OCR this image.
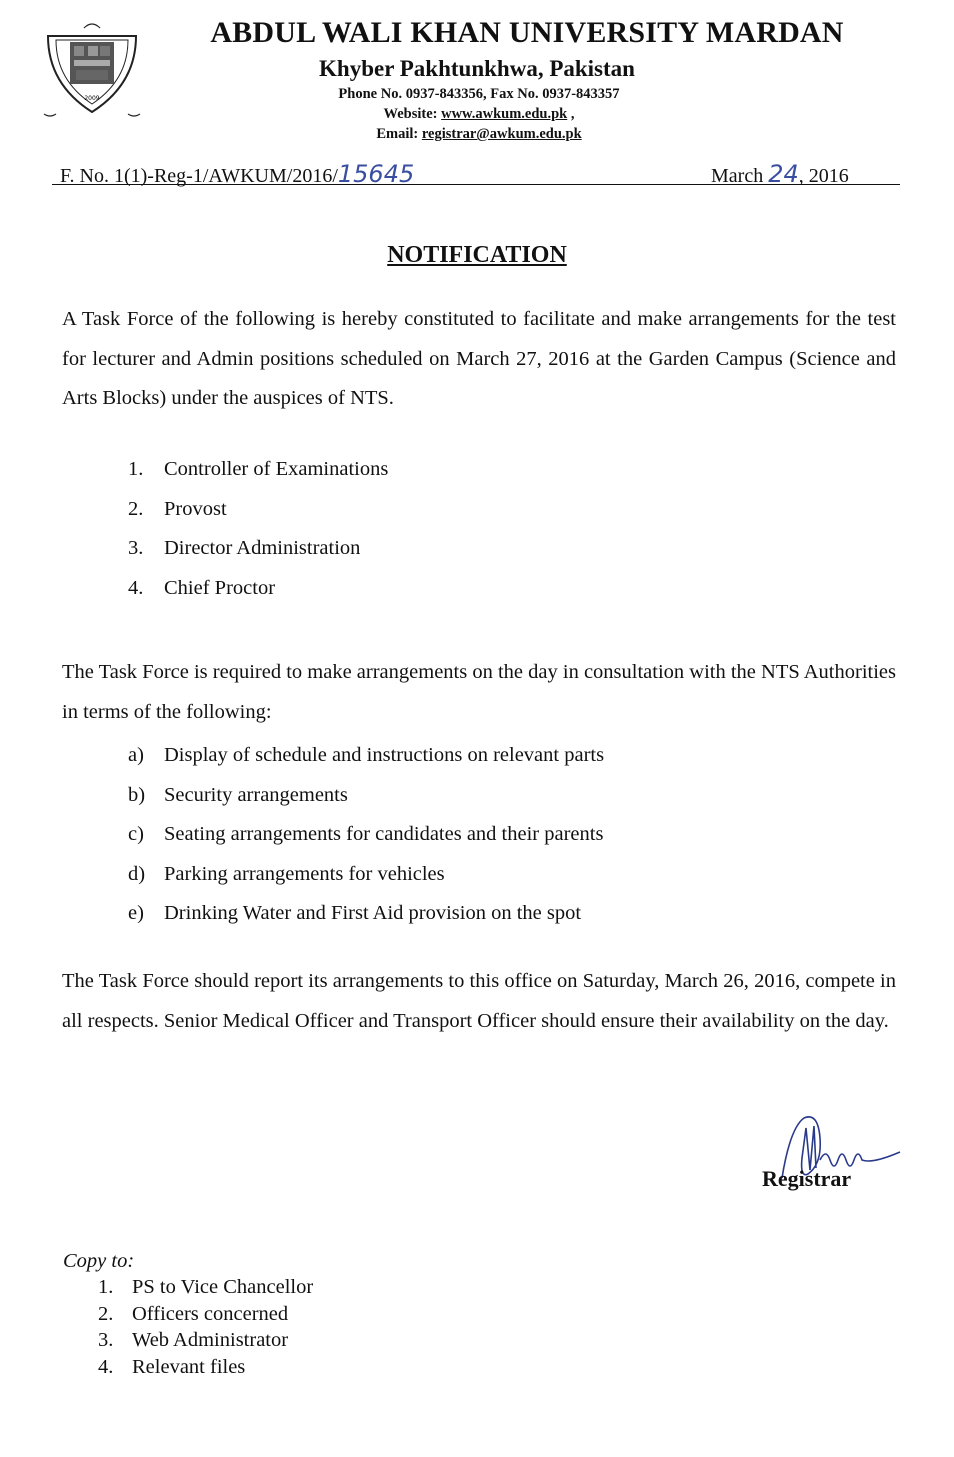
2009
ABDUL WALI KHAN UNIVERSITY MARDAN
Khyber Pakhtunkhwa, Pakistan
Phone No. 0937-843356, Fax No. 0937-843357
Website: www.awkum.edu.pk ,
Email: registrar@awkum.edu.pk
F. No. 1(1)-Reg-1/AWKUM/2016/15645	March 24, 2016
NOTIFICATION
A Task Force of the following is hereby constituted to facilitate and make arrangements for the test for lecturer and Admin positions scheduled on March 27, 2016 at the Garden Campus (Science and Arts Blocks) under the auspices of NTS.
1. Controller of Examinations
2. Provost
3. Director Administration
4. Chief Proctor
The Task Force is required to make arrangements on the day in consultation with the NTS Authorities in terms of the following:
a) Display of schedule and instructions on relevant parts
b) Security arrangements
c) Seating arrangements for candidates and their parents
d) Parking arrangements for vehicles
e) Drinking Water and First Aid provision on the spot
The Task Force should report its arrangements to this office on Saturday, March 26, 2016, compete in all respects. Senior Medical Officer and Transport Officer should ensure their availability on the day.
Registrar
Copy to:
1. PS to Vice Chancellor
2. Officers concerned
3. Web Administrator
4. Relevant files
